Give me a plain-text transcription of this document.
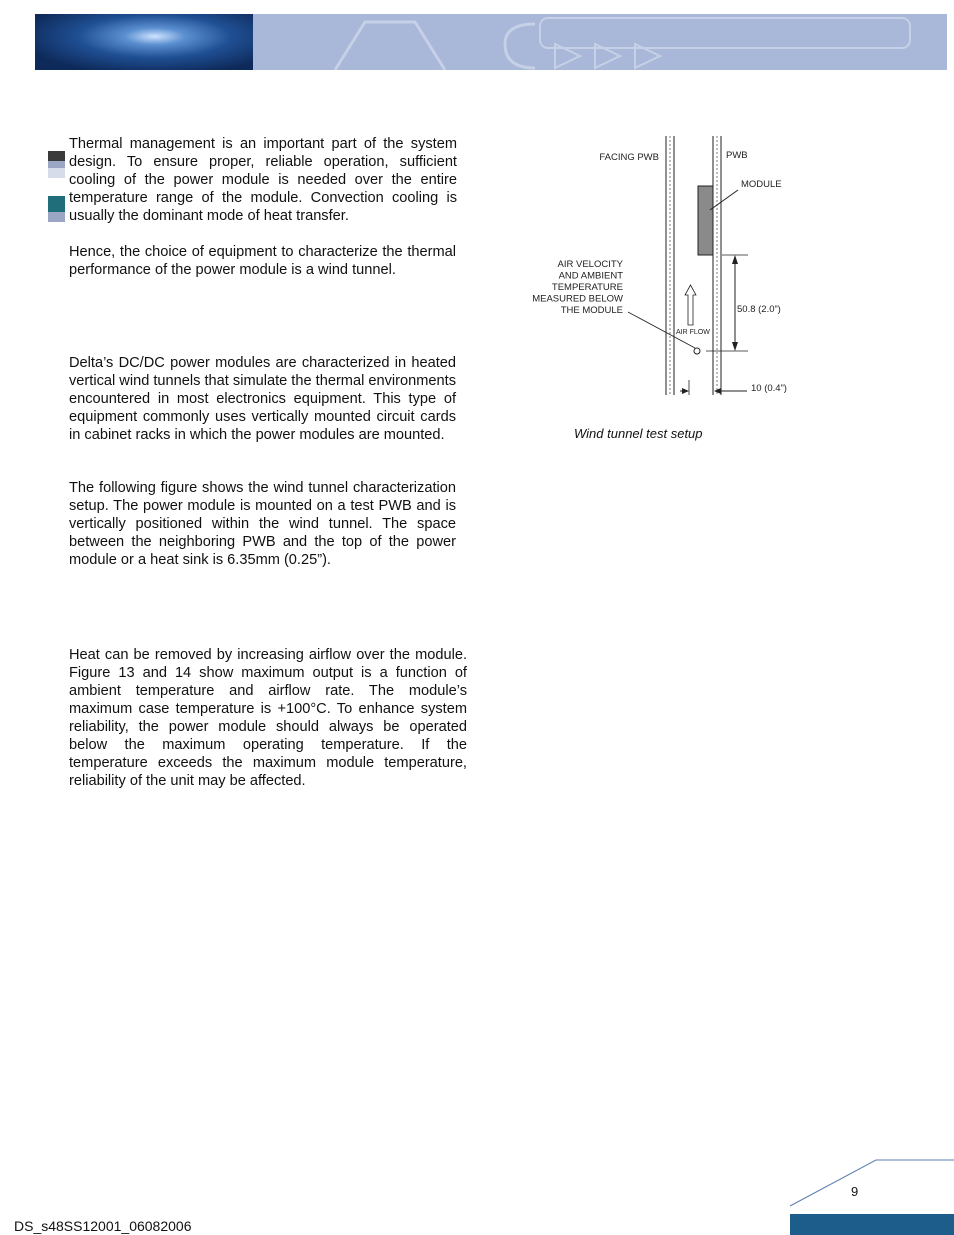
Thermal management is an important part of the system design. To ensure proper, reliable operation, sufficient cooling of the power module is needed over the entire temperature range of the module. Convection cooling is usually the dominant mode of heat transfer.

Hence, the choice of equipment to characterize the thermal performance of the power module is a wind tunnel.

Delta’s DC/DC power modules are characterized in heated vertical wind tunnels that simulate the thermal environments encountered in most electronics equipment. This type of equipment commonly uses vertically mounted circuit cards in cabinet racks in which the power modules are mounted.

The following figure shows the wind tunnel characterization setup. The power module is mounted on a test PWB and is vertically positioned within the wind tunnel. The space between the neighboring PWB and the top of the power module or a heat sink is 6.35mm (0.25”).

Heat can be removed by increasing airflow over the module. Figure 13 and 14 show maximum output is a function of ambient temperature and airflow rate. The module’s maximum case temperature is +100°C. To enhance system reliability, the power module should always be operated below the maximum operating temperature. If the temperature exceeds the maximum module temperature, reliability of the unit may be affected.

FACING PWB	PWB
MODULE
AIR VELOCITY
AND AMBIENT
TEMPERATURE
MEASURED BELOW
THE MODULE
AIR FLOW
50.8 (2.0”)
10 (0.4”)
Wind tunnel test setup
9
DS_s48SS12001_06082006
